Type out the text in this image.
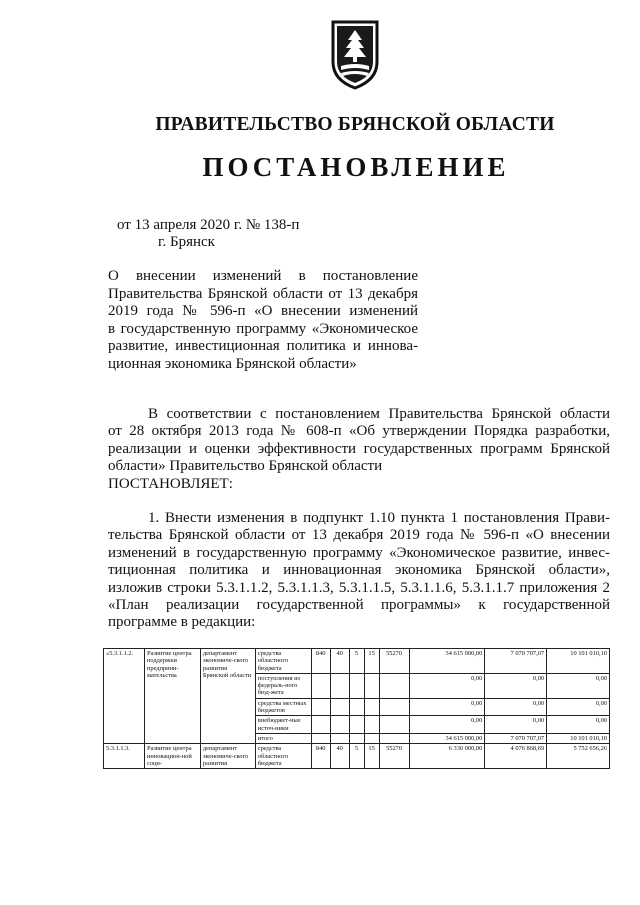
ПРАВИТЕЛЬСТВО БРЯНСКОЙ ОБЛАСТИ
ПОСТАНОВЛЕНИЕ
от 13 апреля 2020 г. № 138-п
г. Брянск
О внесении изменений в постановление
Правительства Брянской области от 13 декабря
2019 года № 596-п «О внесении изменений
в государственную программу «Экономическое
развитие, инвестиционная политика и иннова-
ционная экономика Брянской области»
В соответствии с постановлением Правительства Брянской области
от 28 октября 2013 года № 608-п «Об утверждении Порядка разработки,
реализации и оценки эффективности государственных программ Брянской
области» Правительство Брянской области
ПОСТАНОВЛЯЕТ:
1. Внести изменения в подпункт 1.10 пункта 1 постановления Прави-
тельства Брянской области от 13 декабря 2019 года № 596-п «О внесении
изменений в государственную программу «Экономическое развитие, инвес-
тиционная политика и инновационная экономика Брянской области»,
изложив строки 5.3.1.1.2, 5.3.1.1.3, 5.3.1.1.5, 5.3.1.1.6, 5.3.1.1.7 приложения 2
«План реализации государственной программы» к государственной
программе в редакции:
«5.3.1.1.2.	Развитие центра поддержки предприни-мательства	департамент экономиче-ского развития Брянской области	средства областного бюджета	840	40	5	15	55270	34 615 000,00	7 070 707,07	10 101 010,10
			поступления из федераль-ного бюд-жета						0,00	0,00	0,00
			средства местных бюджетов						0,00	0,00	0,00
			внебюджет-ные источ-ники						0,00	0,00	0,00
			итого						34 615 000,00	7 070 707,07	10 101 010,10
5.3.1.1.3.	Развитие центра инновацион-ной соци-	департамент экономиче-ского развития	средства областного бюджета	840	40	5	15	55270	6 330 000,00	4 076 868,69	5 752 656,26
